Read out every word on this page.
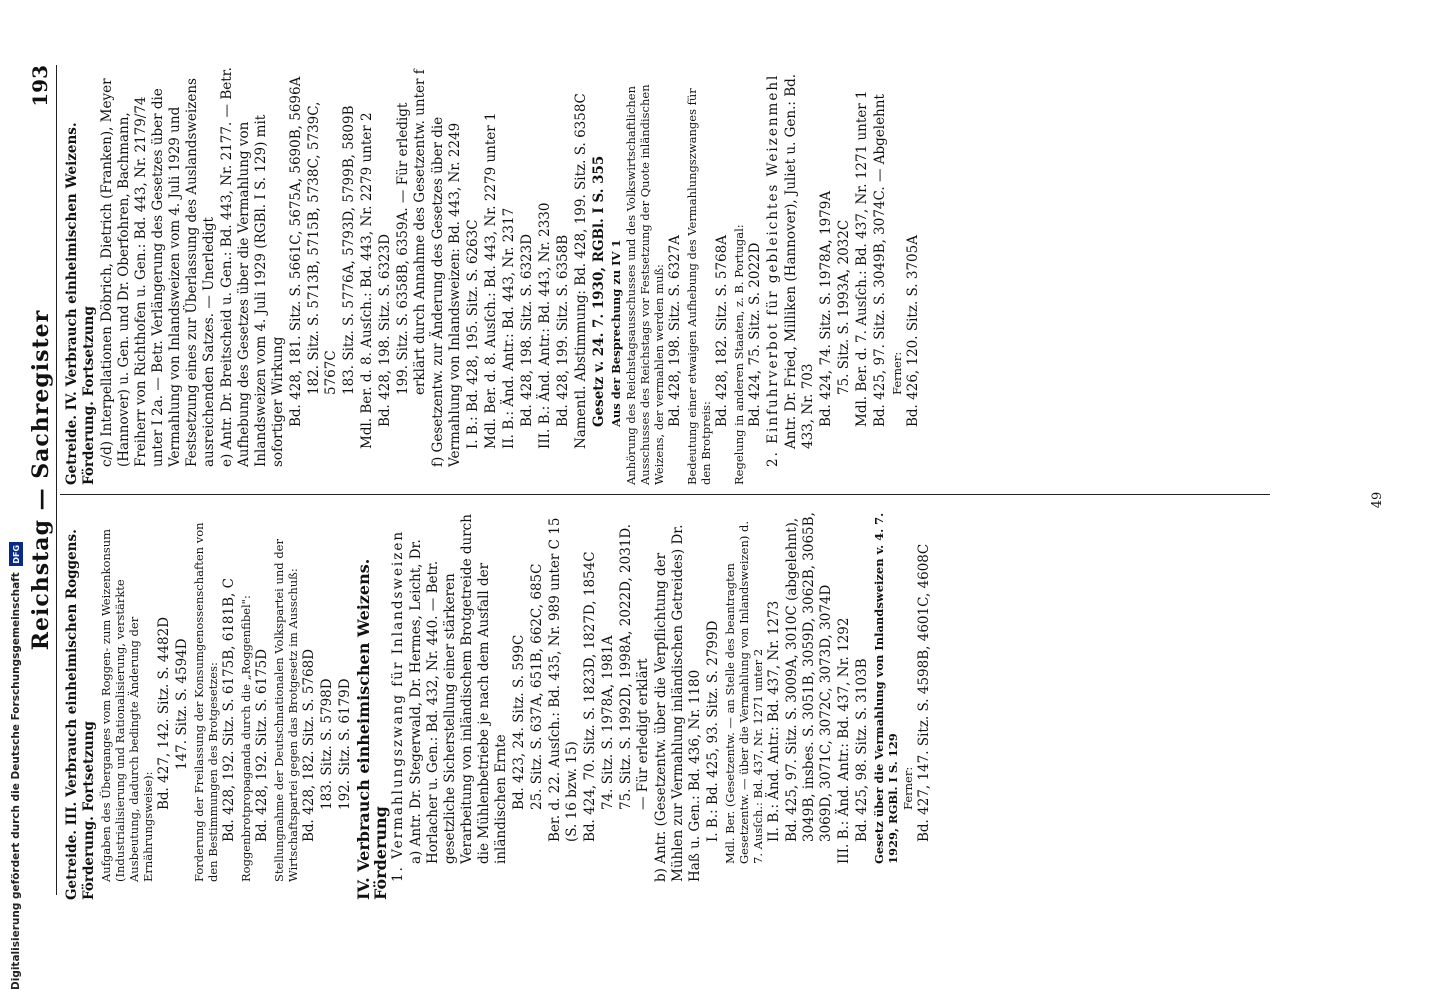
Reichstag — Sachregister
193

Getreide. III. Verbrauch einheimischen Roggens. Förderung. Fortsetzung Aufgaben des Überganges vom Roggen- zum Weizenkonsum (Industrialisierung und Rationalisierung, verstärkte Ausbeutung, dadurch bedingte Änderung der Ernährungsweise):

Bd. 427, 142. Sitz. S. 4482D 147. Sitz. S. 4594D Forderung der Freilassung der Konsumgenossenschaften von den Bestimmungen des Brotgesetzes: Bd. 428, 192. Sitz. S. 6175B, 6181B, C Roggenbrotpropaganda durch die „Roggenfibel": Bd. 428, 192. Sitz. S. 6175D Stellungnahme der Deutschnationalen Volkspartei und der Wirtschaftspartei gegen das Brotgesetz im Ausschuß: Bd. 428, 182. Sitz. S. 5768D 183. Sitz. S. 5798D 192. Sitz. S. 6179D IV. Verbrauch einheimischen Weizens. Förderung 1. Vermahlungszwang für Inlandsweizen a) Antr. Dr. Stegerwald, Dr. Hermes, Leicht, Dr. Horlacher u. Gen.: Bd. 432, Nr. 440. — Betr. gesetzliche Sicherstellung einer stärkeren Verarbeitung von inländischem Brotgetreide durch die Mühlenbetriebe je nach dem Ausfall der inländischen Ernte Bd. 423, 24. Sitz. S. 599C 25. Sitz. S. 637A, 651B, 662C, 685C Ber. d. 22. Ausſch.: Bd. 435, Nr. 989 unter C 15 (S. 16 bzw. 15) Bd. 424, 70. Sitz. S. 1823D, 1827D, 1854C 74. Sitz. S. 1978A, 1981A 75. Sitz. S. 1992D, 1998A, 2022D, 2031D. — Für erledigt erklärt b) Antr. (Gesetzentw. über die Verpflichtung der Mühlen zur Vermahlung inländischen Getreides) Dr. Haß u. Gen.: Bd. 436, Nr. 1180 I. B.: Bd. 425, 93. Sitz. S. 2799D Mdl. Ber. (Gesetzentw. — an Stelle des beantragten Gesetzentw. — über die Vermahlung von Inlandsweizen) d. 7. Ausſch.: Bd. 437, Nr. 1271 unter 2 II. B.: Änd. Antr.: Bd. 437, Nr. 1273 Bd. 425, 97. Sitz. S. 3009A, 3010C (abgelehnt), 3049B, insbes. S. 3051B, 3059D, 3062B, 3065B, 3069D, 3071C, 3072C, 3073D, 3074D III. B.: Änd. Antr.: Bd. 437, Nr. 1292 Bd. 425, 98. Sitz. S. 3103B Gesetz über die Vermahlung von Inlandsweizen v. 4. 7. 1929, RGBl. I S. 129 Ferner: Bd. 427, 147. Sitz. S. 4598B, 4601C, 4608C

Getreide. IV. Verbrauch einheimischen Weizens. Förderung. Fortsetzung c/d) Interpellationen Döbrich, Dietrich (Franken), Meyer (Hannover) u. Gen. und Dr. Oberfohren, Bachmann, Freiherr von Richthofen u. Gen.: Bd. 443, Nr. 2179/74 unter I 2a. — Betr. Verlängerung des Gesetzes über die Vermahlung von Inlandsweizen vom 4. Juli 1929 und Festsetzung eines zur Überlassung des Auslandsweizens ausreichenden Satzes. — Unerledigt e) Antr. Dr. Breitscheid u. Gen.: Bd. 443, Nr. 2177. — Betr. Aufhebung des Gesetzes über die Vermahlung von Inlandsweizen vom 4. Juli 1929 (RGBl. I S. 129) mit sofortiger Wirkung Bd. 428, 181. Sitz. S. 5661C, 5675A, 5690B, 5696A 182. Sitz. S. 5713B, 5715B, 5738C, 5739C, 5767C 183. Sitz. S. 5776A, 5793D, 5799B, 5809B Mdl. Ber. d. 8. Ausſch.: Bd. 443, Nr. 2279 unter 2 Bd. 428, 198. Sitz. S. 6323D 199. Sitz. S. 6358B, 6359A. — Für erledigt erklärt durch Annahme des Gesetzentw. unter f f) Gesetzentw. zur Änderung des Gesetzes über die Vermahlung von Inlandsweizen: Bd. 443, Nr. 2249 I. B.: Bd. 428, 195. Sitz. S. 6263C Mdl. Ber. d. 8. Ausſch.: Bd. 443, Nr. 2279 unter 1 II. B.: Änd. Antr.: Bd. 443, Nr. 2317 Bd. 428, 198. Sitz. S. 6323D III. B.: Änd. Antr.: Bd. 443, Nr. 2330 Bd. 428, 199. Sitz. S. 6358B Namentl. Abstimmung: Bd. 428, 199. Sitz. S. 6358C Gesetz v. 24. 7. 1930, RGBl. I S. 355 Aus der Besprechung zu IV 1 Anhörung des Reichstagsausschusses und des Volkswirtschaftlichen Ausschusses des Reichstags vor Festsetzung der Quote inländischen Weizens, der vermahlen werden muß: Bd. 428, 198. Sitz. S. 6327A Bedeutung einer etwaigen Aufhebung des Vermahlungszwanges für den Brotpreis:

Bd. 428, 182. Sitz. S. 5768A Regelung in anderen Staaten, z. B. Portugal: Bd. 424, 75. Sitz. S. 2022D 2. Einfuhrverbot für gebleichtes Weizenmehl Antr. Dr. Fried, Milliken (Hannover), Juliet u. Gen.: Bd. 433, Nr. 703 Bd. 424, 74. Sitz. S. 1978A, 1979A 75. Sitz. S. 1993A, 2032C Mdl. Ber. d. 7. Ausſch.: Bd. 437, Nr. 1271 unter 1 Bd. 425, 97. Sitz. S. 3049B, 3074C. — Abgelehnt Ferner: Bd. 426, 120. Sitz. S. 3705A

49
Digitalisierung gefördert durch die Deutsche Forschungsgemeinschaft
DFG
